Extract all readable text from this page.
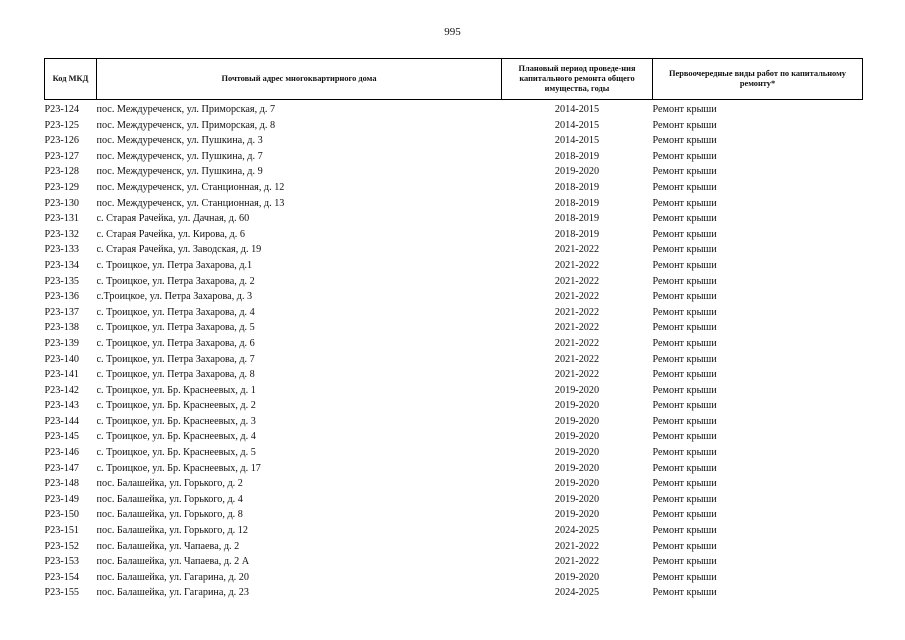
995
Код МКД	Почтовый адрес многоквартирного дома	Плановый период проведе-ния капитального ремонта общего имущества, годы	Первоочередные виды работ по капитальному ремонту*
Р23-124	пос. Междуреченск, ул. Приморская, д. 7	2014-2015	Ремонт крыши
Р23-125	пос. Междуреченск, ул. Приморская, д. 8	2014-2015	Ремонт крыши
Р23-126	пос. Междуреченск, ул. Пушкина, д. 3	2014-2015	Ремонт крыши
Р23-127	пос. Междуреченск, ул. Пушкина, д. 7	2018-2019	Ремонт крыши
Р23-128	пос. Междуреченск, ул. Пушкина, д. 9	2019-2020	Ремонт крыши
Р23-129	пос. Междуреченск, ул. Станционная, д. 12	2018-2019	Ремонт крыши
Р23-130	пос. Междуреченск, ул. Станционная, д. 13	2018-2019	Ремонт крыши
Р23-131	с. Старая Рачейка, ул. Дачная, д. 60	2018-2019	Ремонт крыши
Р23-132	с. Старая Рачейка, ул. Кирова, д. 6	2018-2019	Ремонт крыши
Р23-133	с. Старая Рачейка, ул. Заводская, д. 19	2021-2022	Ремонт крыши
Р23-134	с. Троицкое, ул. Петра Захарова, д.1	2021-2022	Ремонт крыши
Р23-135	с. Троицкое, ул. Петра Захарова, д. 2	2021-2022	Ремонт крыши
Р23-136	с.Троицкое, ул. Петра Захарова, д. 3	2021-2022	Ремонт крыши
Р23-137	с. Троицкое, ул. Петра Захарова, д. 4	2021-2022	Ремонт крыши
Р23-138	с. Троицкое, ул. Петра Захарова, д. 5	2021-2022	Ремонт крыши
Р23-139	с. Троицкое, ул. Петра Захарова, д. 6	2021-2022	Ремонт крыши
Р23-140	с. Троицкое, ул. Петра Захарова, д. 7	2021-2022	Ремонт крыши
Р23-141	с. Троицкое, ул. Петра Захарова, д. 8	2021-2022	Ремонт крыши
Р23-142	с. Троицкое, ул. Бр. Краснеевых, д. 1	2019-2020	Ремонт крыши
Р23-143	с. Троицкое, ул. Бр. Краснеевых, д. 2	2019-2020	Ремонт крыши
Р23-144	с. Троицкое, ул. Бр. Краснеевых, д. 3	2019-2020	Ремонт крыши
Р23-145	с. Троицкое, ул. Бр. Краснеевых, д. 4	2019-2020	Ремонт крыши
Р23-146	с. Троицкое, ул. Бр. Краснеевых, д. 5	2019-2020	Ремонт крыши
Р23-147	с. Троицкое, ул. Бр. Краснеевых, д. 17	2019-2020	Ремонт крыши
Р23-148	пос. Балашейка, ул. Горького, д. 2	2019-2020	Ремонт крыши
Р23-149	пос. Балашейка, ул. Горького, д. 4	2019-2020	Ремонт крыши
Р23-150	пос. Балашейка, ул. Горького, д. 8	2019-2020	Ремонт крыши
Р23-151	пос. Балашейка, ул. Горького, д. 12	2024-2025	Ремонт крыши
Р23-152	пос. Балашейка, ул. Чапаева, д. 2	2021-2022	Ремонт крыши
Р23-153	пос. Балашейка, ул. Чапаева, д. 2 А	2021-2022	Ремонт крыши
Р23-154	пос. Балашейка, ул. Гагарина, д. 20	2019-2020	Ремонт крыши
Р23-155	пос. Балашейка, ул. Гагарина, д. 23	2024-2025	Ремонт крыши
